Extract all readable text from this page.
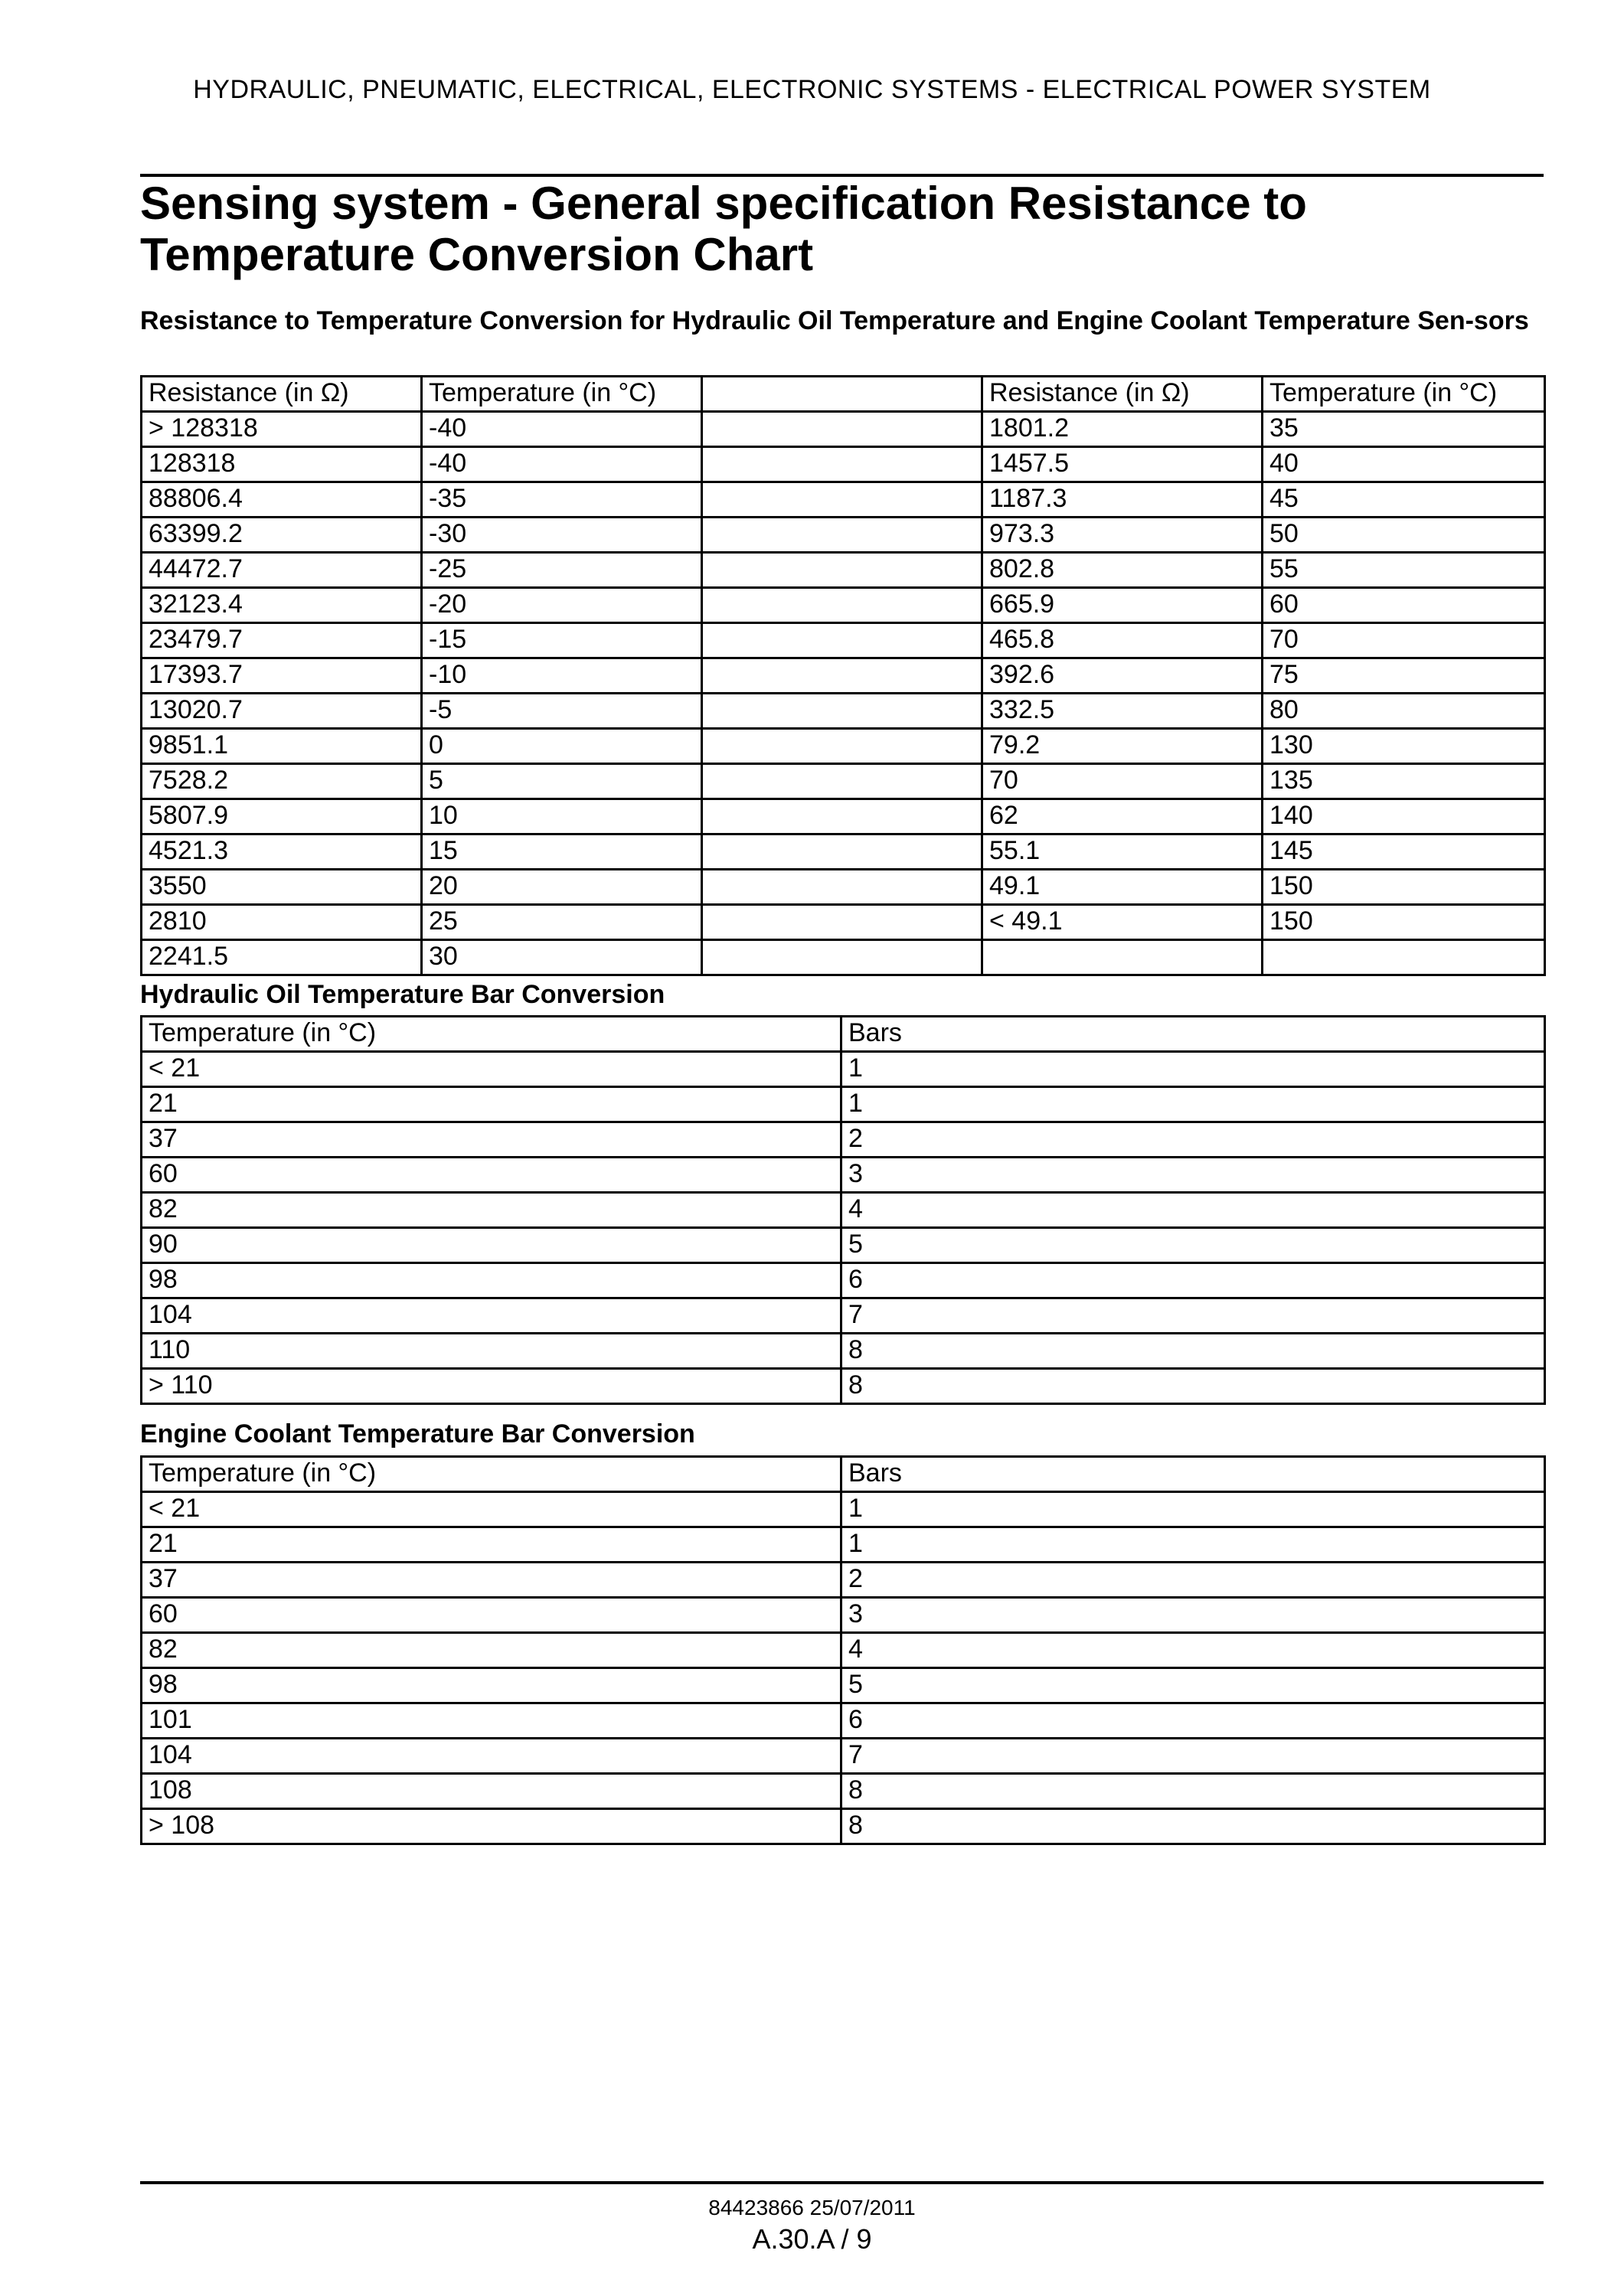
HYDRAULIC, PNEUMATIC, ELECTRICAL, ELECTRONIC SYSTEMS - ELECTRICAL POWER SYSTEM
Sensing system - General specification Resistance to Temperature Conversion Chart
Resistance to Temperature Conversion for Hydraulic Oil Temperature and Engine Coolant Temperature Sen-sors
Resistance (in Ω)	Temperature (in °C)		Resistance (in Ω)	Temperature (in °C)
> 128318	-40		1801.2	35
128318	-40		1457.5	40
88806.4	-35		1187.3	45
63399.2	-30		973.3	50
44472.7	-25		802.8	55
32123.4	-20		665.9	60
23479.7	-15		465.8	70
17393.7	-10		392.6	75
13020.7	-5		332.5	80
9851.1	0		79.2	130
7528.2	5		70	135
5807.9	10		62	140
4521.3	15		55.1	145
3550	20		49.1	150
2810	25		< 49.1	150
2241.5	30			
Hydraulic Oil Temperature Bar Conversion
Temperature (in °C)	Bars
< 21	1
21	1
37	2
60	3
82	4
90	5
98	6
104	7
110	8
> 110	8
Engine Coolant Temperature Bar Conversion
Temperature (in °C)	Bars
< 21	1
21	1
37	2
60	3
82	4
98	5
101	6
104	7
108	8
> 108	8
84423866 25/07/2011
A.30.A / 9
